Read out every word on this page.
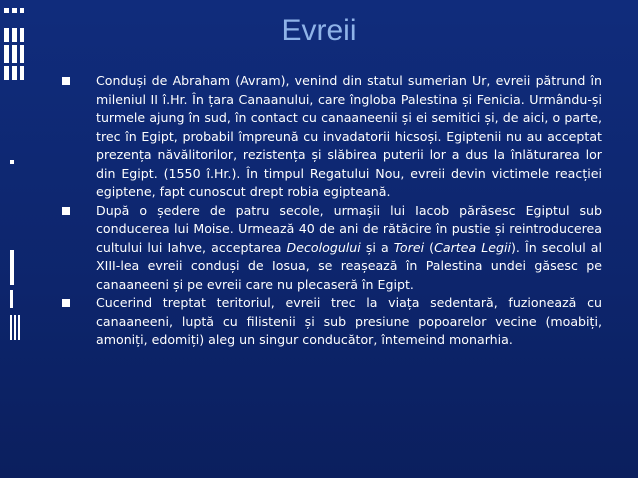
Evreii

Conduși de Abraham (Avram), venind din statul sumerian Ur, evreii pătrund în mileniul II î.Hr. În țara Canaanului, care îngloba Palestina și Fenicia. Urmându-și turmele ajung în sud, în contact cu canaaneenii și ei semitici și, de aici, o parte, trec în Egipt, probabil împreună cu invadatorii hicsoși. Egiptenii nu au acceptat prezența năvălitorilor, rezistența și slăbirea puterii lor a dus la înlăturarea lor din Egipt. (1550 î.Hr.). În timpul Regatului Nou, evreii devin victimele reacției egiptene, fapt cunoscut drept robia egipteană.

După o ședere de patru secole, urmașii lui Iacob părăsesc Egiptul sub conducerea lui Moise. Urmează 40 de ani de rătăcire în pustie și reintroducerea cultului lui Iahve, acceptarea Decologului și a Torei (Cartea Legii). În secolul al XIII-lea evreii conduși de Iosua, se reașează în Palestina undei găsesc pe canaaneeni și pe evreii care nu plecaseră în Egipt.

Cucerind treptat teritoriul, evreii trec la viața sedentară, fuzionează cu canaaneeni, luptă cu filistenii și sub presiune popoarelor vecine (moabiți, amoniți, edomiți) aleg un singur conducător, întemeind monarhia.
